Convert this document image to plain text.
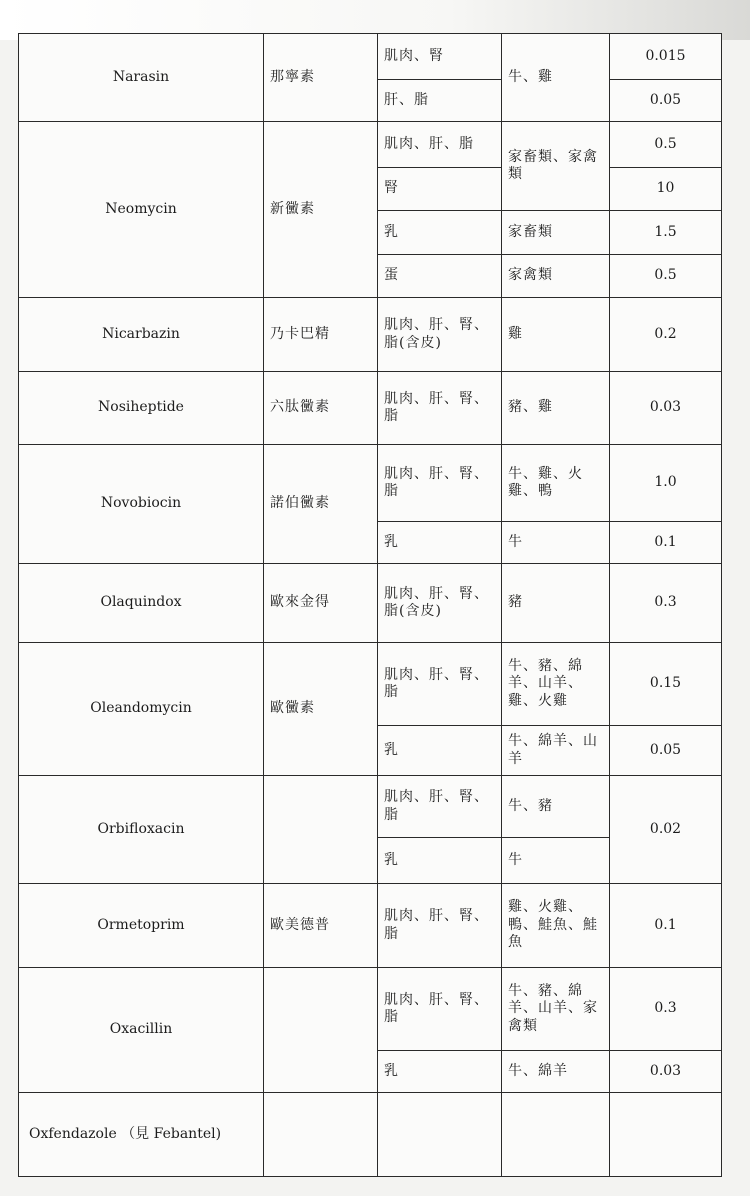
Narasin	那寧素	肌肉、腎	牛、雞	0.015
		肝、脂		0.05
Neomycin	新黴素	肌肉、肝、脂	家畜類、家禽類	0.5
		腎		10
		乳	家畜類	1.5
		蛋	家禽類	0.5
Nicarbazin	乃卡巴精	肌肉、肝、腎、脂(含皮)	雞	0.2
Nosiheptide	六肽黴素	肌肉、肝、腎、脂	豬、雞	0.03
Novobiocin	諾伯黴素	肌肉、肝、腎、脂	牛、雞、火雞、鴨	1.0
		乳	牛	0.1
Olaquindox	歐來金得	肌肉、肝、腎、脂(含皮)	豬	0.3
Oleandomycin	歐黴素	肌肉、肝、腎、脂	牛、豬、綿羊、山羊、雞、火雞	0.15
		乳	牛、綿羊、山羊	0.05
Orbifloxacin		肌肉、肝、腎、脂	牛、豬	0.02
		乳	牛	
Ormetoprim	歐美德普	肌肉、肝、腎、脂	雞、火雞、鴨、鮭魚、鮭魚	0.1
Oxacillin		肌肉、肝、腎、脂	牛、豬、綿羊、山羊、家禽類	0.3
		乳	牛、綿羊	0.03
Oxfendazole （見 Febantel)				
